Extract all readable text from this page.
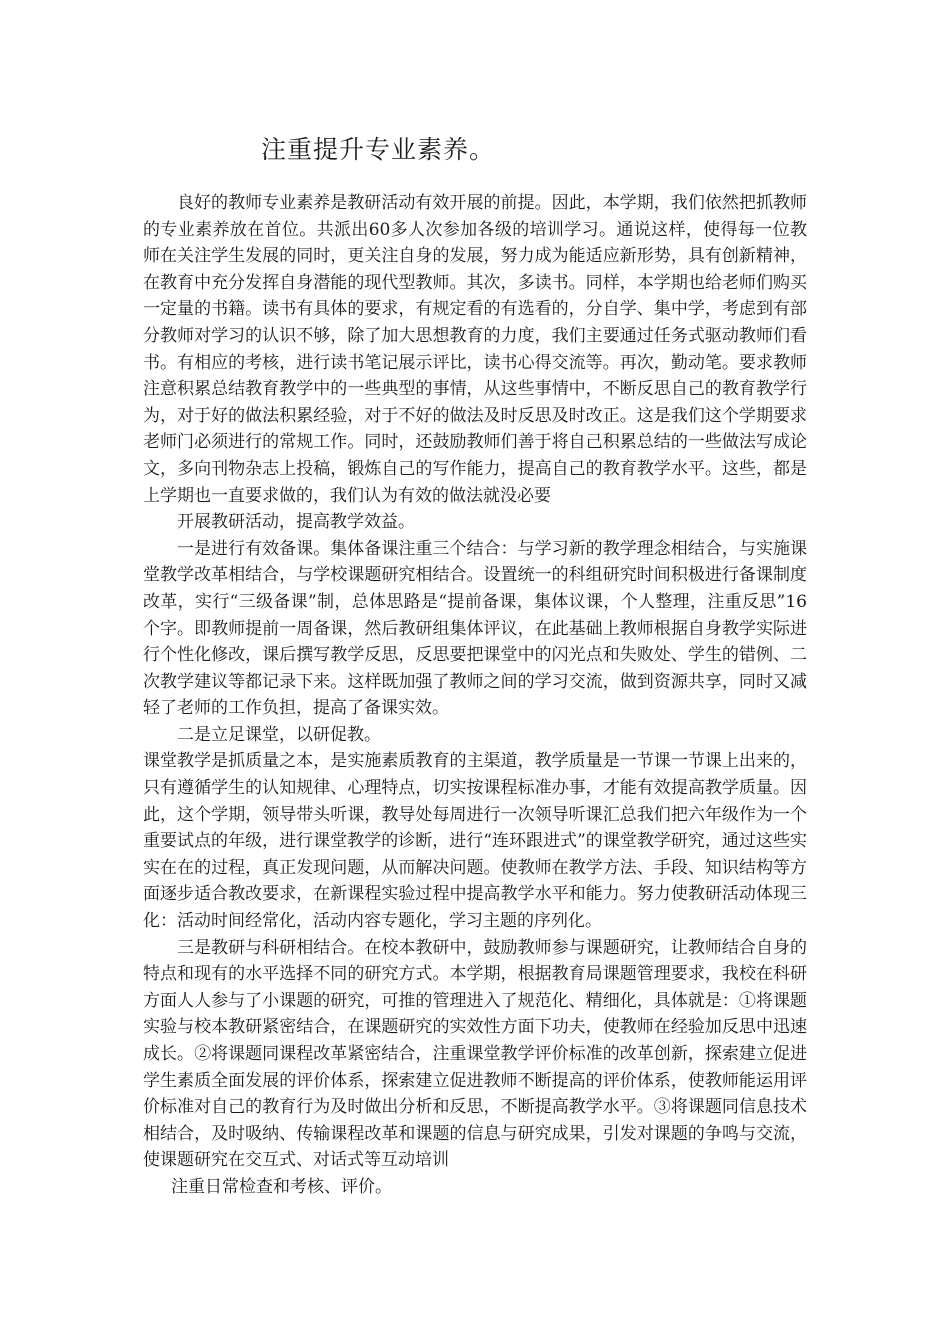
注重提升专业素养。

良好的教师专业素养是教研活动有效开展的前提。因此，本学期，我们依然把抓教师的专业素养放在首位。共派出60多人次参加各级的培训学习。通说这样，使得每一位教师在关注学生发展的同时，更关注自身的发展，努力成为能适应新形势，具有创新精神，在教育中充分发挥自身潜能的现代型教师。其次，多读书。同样，本学期也给老师们购买一定量的书籍。读书有具体的要求，有规定看的有选看的，分自学、集中学，考虑到有部分教师对学习的认识不够，除了加大思想教育的力度，我们主要通过任务式驱动教师们看书。有相应的考核，进行读书笔记展示评比，读书心得交流等。再次，勤动笔。要求教师注意积累总结教育教学中的一些典型的事情，从这些事情中，不断反思自己的教育教学行为，对于好的做法积累经验，对于不好的做法及时反思及时改正。这是我们这个学期要求老师门必须进行的常规工作。同时，还鼓励教师们善于将自己积累总结的一些做法写成论文，多向刊物杂志上投稿，锻炼自己的写作能力，提高自己的教育教学水平。这些，都是上学期也一直要求做的，我们认为有效的做法就没必要

开展教研活动，提高教学效益。

一是进行有效备课。集体备课注重三个结合：与学习新的教学理念相结合，与实施课堂教学改革相结合，与学校课题研究相结合。设置统一的科组研究时间积极进行备课制度改革，实行“三级备课”制，总体思路是“提前备课，集体议课，个人整理，注重反思”16个字。即教师提前一周备课，然后教研组集体评议，在此基础上教师根据自身教学实际进行个性化修改，课后撰写教学反思，反思要把课堂中的闪光点和失败处、学生的错例、二次教学建议等都记录下来。这样既加强了教师之间的学习交流，做到资源共享，同时又减轻了老师的工作负担，提高了备课实效。

二是立足课堂，以研促教。

课堂教学是抓质量之本，是实施素质教育的主渠道，教学质量是一节课一节课上出来的，只有遵循学生的认知规律、心理特点，切实按课程标准办事，才能有效提高教学质量。因此，这个学期，领导带头听课，教导处每周进行一次领导听课汇总我们把六年级作为一个重要试点的年级，进行课堂教学的诊断，进行“连环跟进式”的课堂教学研究，通过这些实实在在的过程，真正发现问题，从而解决问题。使教师在教学方法、手段、知识结构等方面逐步适合教改要求，在新课程实验过程中提高教学水平和能力。努力使教研活动体现三化：活动时间经常化，活动内容专题化，学习主题的序列化。

三是教研与科研相结合。在校本教研中，鼓励教师参与课题研究，让教师结合自身的特点和现有的水平选择不同的研究方式。本学期，根据教育局课题管理要求，我校在科研方面人人参与了小课题的研究，可推的管理进入了规范化、精细化，具体就是：①将课题实验与校本教研紧密结合，在课题研究的实效性方面下功夫，使教师在经验加反思中迅速成长。②将课题同课程改革紧密结合，注重课堂教学评价标准的改革创新，探索建立促进学生素质全面发展的评价体系，探索建立促进教师不断提高的评价体系，使教师能运用评价标准对自己的教育行为及时做出分析和反思，不断提高教学水平。③将课题同信息技术相结合，及时吸纳、传输课程改革和课题的信息与研究成果，引发对课题的争鸣与交流，使课题研究在交互式、对话式等互动培训

注重日常检查和考核、评价。
